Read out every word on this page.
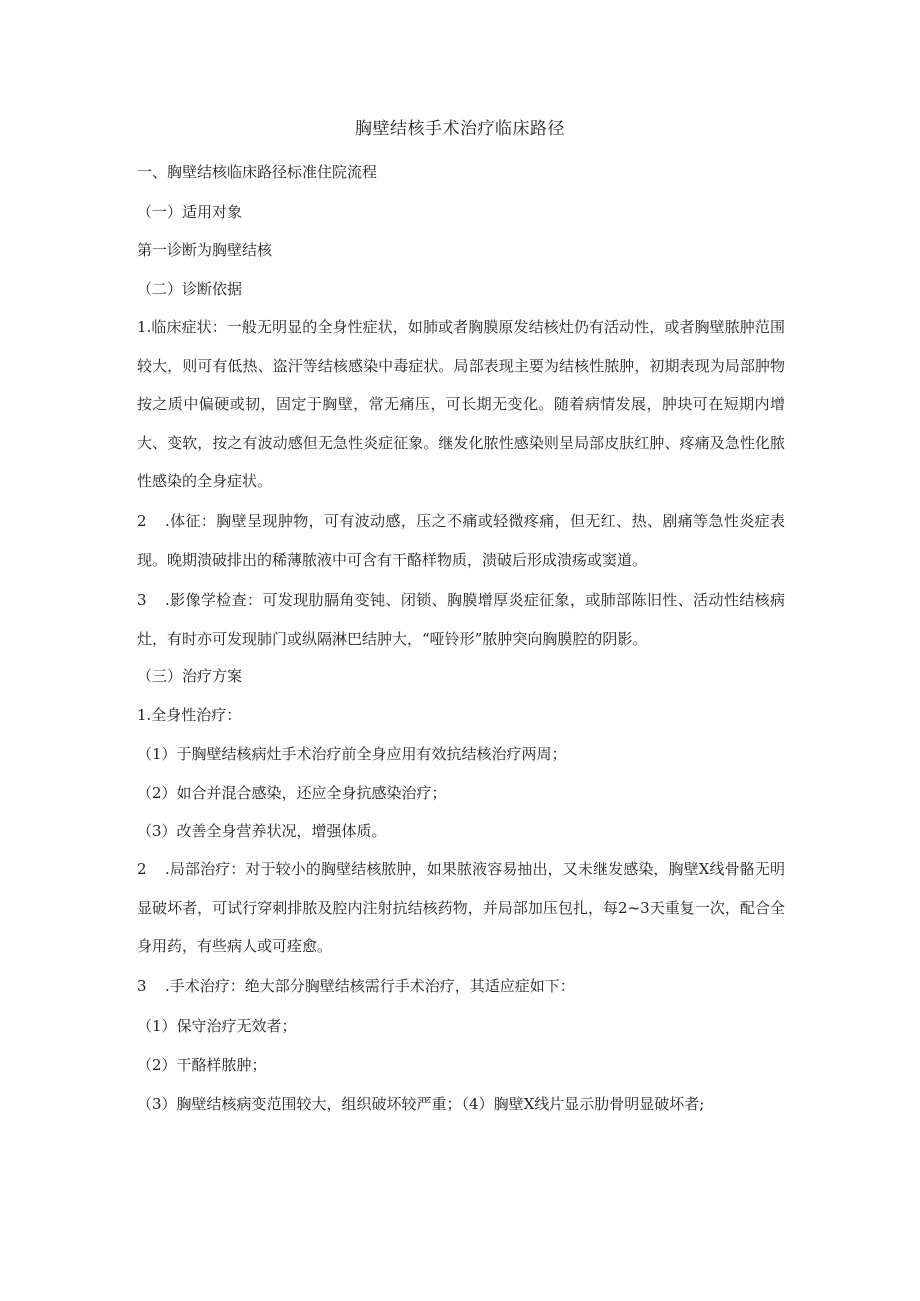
胸壁结核手术治疗临床路径
一、胸壁结核临床路径标准住院流程
（一）适用对象
第一诊断为胸壁结核
（二）诊断依据
1.临床症状：一般无明显的全身性症状，如肺或者胸膜原发结核灶仍有活动性，或者胸壁脓肿范围较大，则可有低热、盗汗等结核感染中毒症状。局部表现主要为结核性脓肿，初期表现为局部肿物按之质中偏硬或韧，固定于胸壁，常无痛压，可长期无变化。随着病情发展，肿块可在短期内增大、变软，按之有波动感但无急性炎症征象。继发化脓性感染则呈局部皮肤红肿、疼痛及急性化脓性感染的全身症状。
2 .体征：胸壁呈现肿物，可有波动感，压之不痛或轻微疼痛，但无红、热、剧痛等急性炎症表现。晚期溃破排出的稀薄脓液中可含有干酪样物质，溃破后形成溃疡或窦道。
3 .影像学检查：可发现肋膈角变钝、闭锁、胸膜增厚炎症征象，或肺部陈旧性、活动性结核病灶，有时亦可发现肺门或纵隔淋巴结肿大，“哑铃形”脓肿突向胸膜腔的阴影。
（三）治疗方案
1.全身性治疗：
（1）于胸壁结核病灶手术治疗前全身应用有效抗结核治疗两周；
（2）如合并混合感染，还应全身抗感染治疗；
（3）改善全身营养状况，增强体质。
2 .局部治疗：对于较小的胸壁结核脓肿，如果脓液容易抽出，又未继发感染，胸壁X线骨骼无明显破坏者，可试行穿刺排脓及腔内注射抗结核药物，并局部加压包扎，每2~3天重复一次，配合全身用药，有些病人或可痊愈。
3 .手术治疗：绝大部分胸壁结核需行手术治疗，其适应症如下：
（1）保守治疗无效者；
（2）干酪样脓肿；
（3）胸壁结核病变范围较大，组织破坏较严重；（4）胸壁X线片显示肋骨明显破坏者;
